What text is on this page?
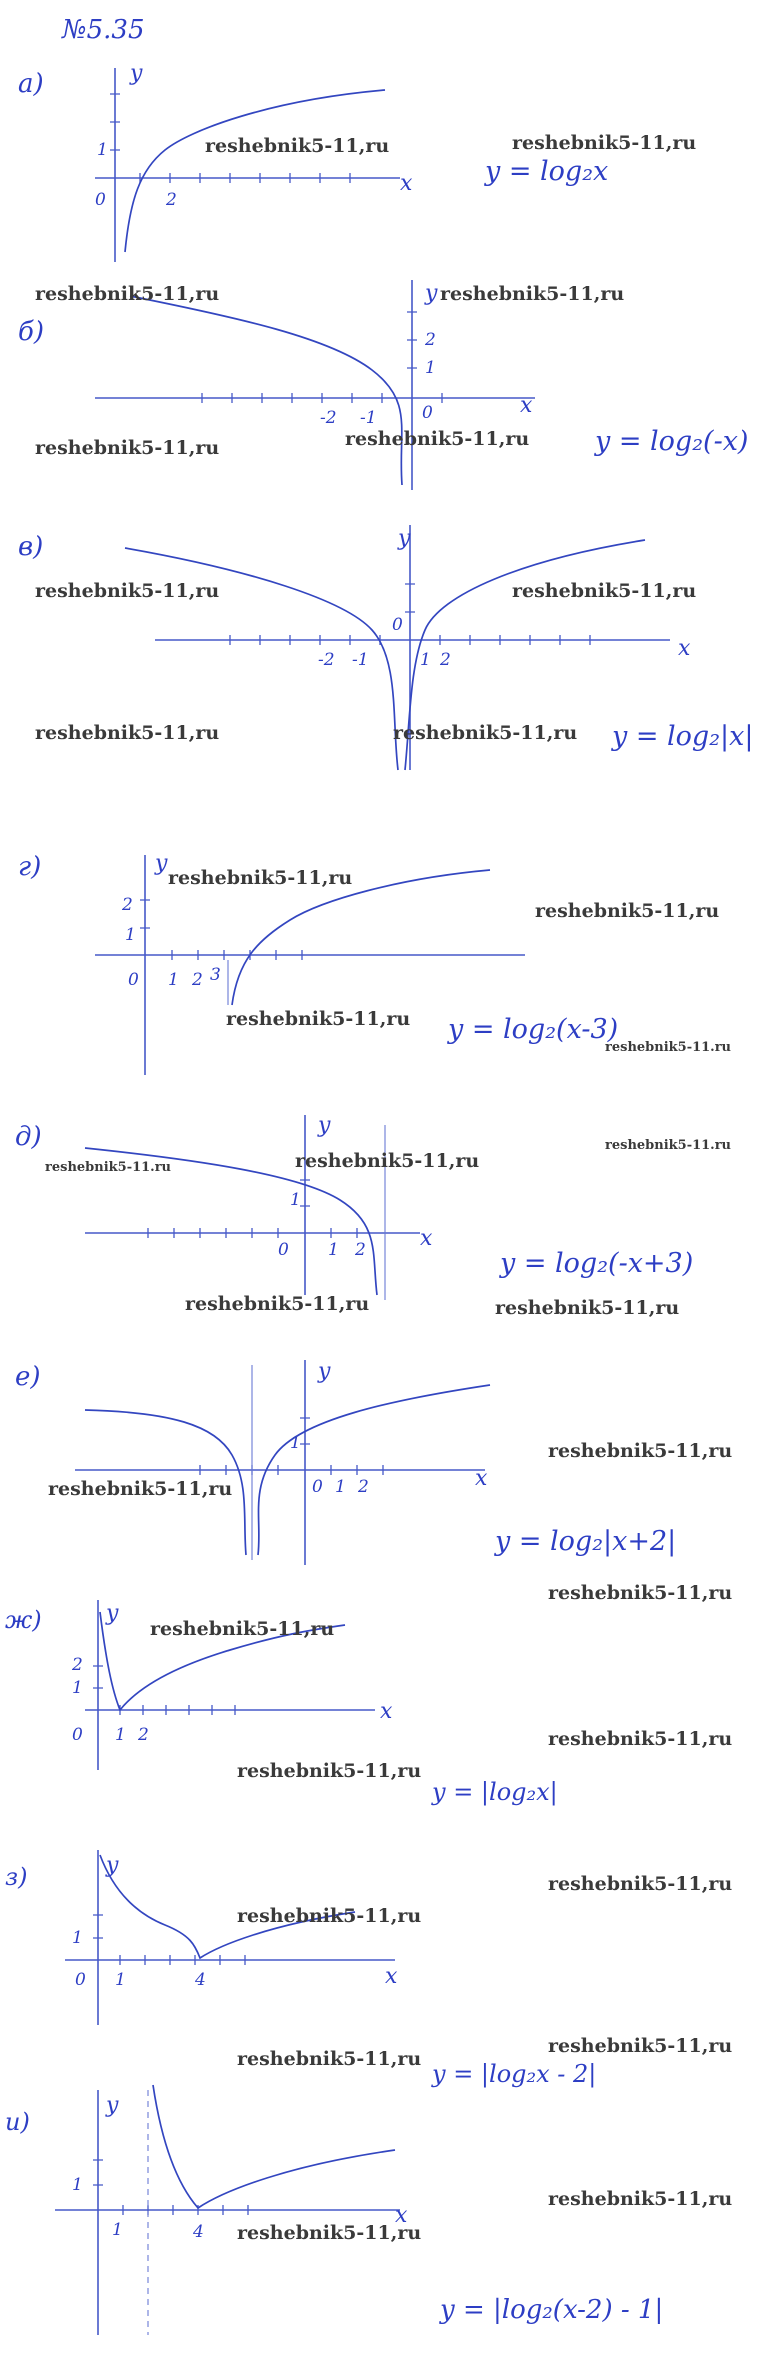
№5.35
а)	y
x
0
1
2
y = log₂x
б)
y
x
-2 -1	0
1
2
y = log₂(-x)
в)	y
x
-2 -1
0
1 2
y = log₂|x|
г)	y
0 1 2 3
1
2
y = log₂(x-3)
д)	y
x
0 1 2
1
y = log₂(-x+3)
е)	y
x
0 1 2
1
y = log₂|x+2|
ж)	y
x
0 1 2
1
2
y = |log₂x|
з)	y
x
0 1	4
1
y = |log₂x - 2|
и)
y
x
1	4
1
y = |log₂(x-2) - 1|
reshebnik5-11,ru	reshebnik5-11,ru
reshebnik5-11,ru	reshebnik5-11,ru
reshebnik5-11,ru	reshebnik5-11,ru
reshebnik5-11,ru	reshebnik5-11,ru
reshebnik5-11,ru	reshebnik5-11,ru
reshebnik5-11,ru
reshebnik5-11,ru
reshebnik5-11,ru
reshebnik5-11.ru
reshebnik5-11,ru
reshebnik5-11.ru
reshebnik5-11.ru
reshebnik5-11,ru	reshebnik5-11,ru
reshebnik5-11,ru
reshebnik5-11,ru
reshebnik5-11,ru
reshebnik5-11,ru
reshebnik5-11,ru
reshebnik5-11,ru
reshebnik5-11,ru
reshebnik5-11,ru
reshebnik5-11,ru
reshebnik5-11,ru
reshebnik5-11,ru
reshebnik5-11,ru
